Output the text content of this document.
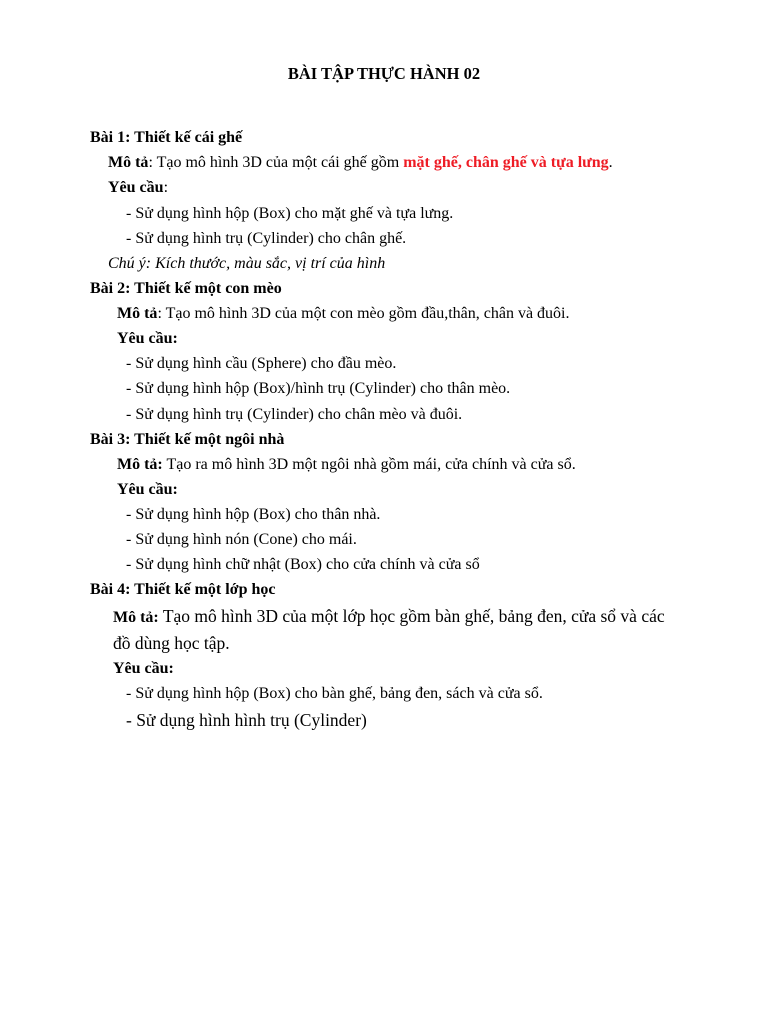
BÀI TẬP THỰC HÀNH 02
Bài 1: Thiết kế cái ghế
Mô tả: Tạo mô hình 3D của một cái ghế gồm mặt ghế, chân ghế và tựa lưng.
Yêu cầu:
- Sử dụng hình hộp (Box) cho mặt ghế và tựa lưng.
- Sử dụng hình trụ (Cylinder) cho chân ghế.
Chú ý: Kích thước, màu sắc, vị trí của hình
Bài 2: Thiết kế một con mèo
Mô tả: Tạo mô hình 3D của một con mèo gồm đầu,thân, chân và đuôi.
Yêu cầu:
- Sử dụng hình cầu (Sphere) cho đầu mèo.
- Sử dụng hình hộp (Box)/hình trụ (Cylinder) cho thân mèo.
- Sử dụng hình trụ (Cylinder) cho chân mèo và đuôi.
Bài 3: Thiết kế một ngôi nhà
Mô tả: Tạo ra mô hình 3D một ngôi nhà gồm mái, cửa chính và cửa sổ.
Yêu cầu:
- Sử dụng hình hộp (Box) cho thân nhà.
- Sử dụng hình nón (Cone) cho mái.
- Sử dụng hình chữ nhật (Box) cho cửa chính và cửa sổ
Bài 4: Thiết kế một lớp học
Mô tả: Tạo mô hình 3D của một lớp học gồm bàn ghế, bảng đen, cửa sổ và các
đồ dùng học tập.
Yêu cầu:
- Sử dụng hình hộp (Box) cho bàn ghế, bảng đen, sách và cửa sổ.
- Sử dụng hình hình trụ (Cylinder)
